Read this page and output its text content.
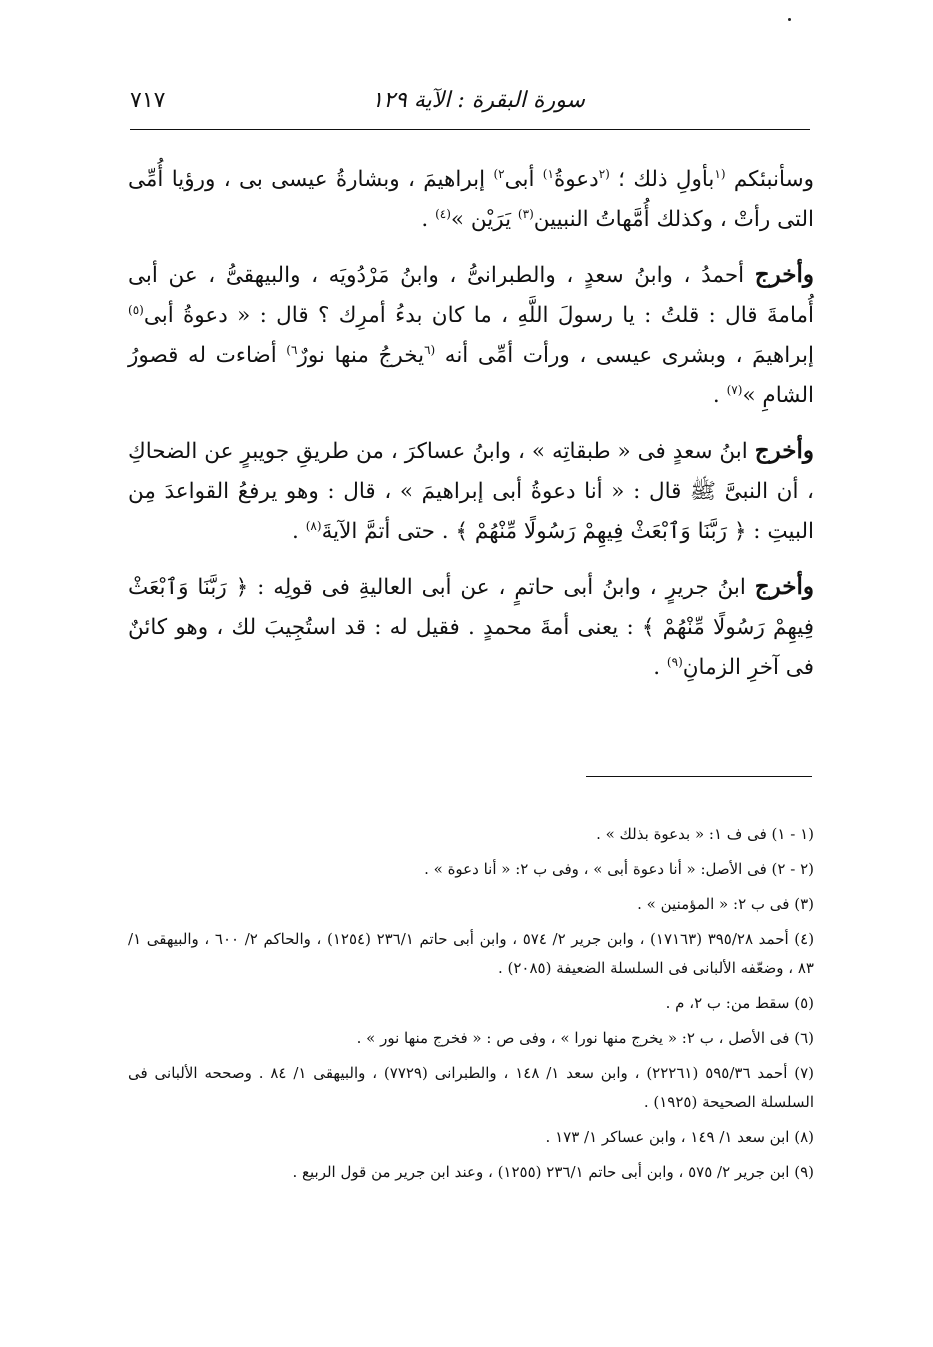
سورة البقرة : الآية ١٢٩
٧١٧

وسأنبئكم $^{(١}$بأولِ ذلك ؛ $^{(٢}$دعوةُ$^{١)}$ أبى$^{٢)}$ إبراهيمَ ، وبشارةُ عيسى بى ، ورؤيا أُمِّى التى رأتْ ، وكذلك أُمَّهاتُ النبيين$^{(٣)}$ يَرَيْن »$^{(٤)}$ .

وأخرج أحمدُ ، وابنُ سعدٍ ، والطبرانىُّ ، وابنُ مَرْدُويَه ، والبيهقىُّ ، عن أبى أُمامةَ قال : قلتُ : يا رسولَ اللَّهِ ، ما كان بدءُ أمرِك ؟ قال : « دعوةُ أبى$^{(٥)}$ إبراهيمَ ، وبشرى عيسى ، ورأت أمِّى أنه $^{(٦}$يخرجُ منها نورٌ$^{٦)}$ أضاءت له قصورُ الشامِ »$^{(٧)}$ .

وأخرج ابنُ سعدٍ فى « طبقاتِه » ، وابنُ عساكرَ ، من طريقِ جويبرٍ عن الضحاكِ ، أن النبىَّ ﷺ قال : « أنا دعوةُ أبى إبراهيمَ » ، قال : وهو يرفعُ القواعدَ مِن البيتِ : ﴿ رَبَّنَا وَٱبْعَثْ فِيهِمْ رَسُولًا مِّنْهُمْ ﴾ . حتى أتمَّ الآيةَ$^{(٨)}$ .

وأخرج ابنُ جريرٍ ، وابنُ أبى حاتمٍ ، عن أبى العاليةِ فى قولِه : ﴿ رَبَّنَا وَٱبْعَثْ فِيهِمْ رَسُولًا مِّنْهُمْ ﴾ : يعنى أمةَ محمدٍ . فقيل له : قد استُجِيبَ لك ، وهو كائنٌ فى آخرِ الزمانِ$^{(٩)}$ .

(١ - ١) فى ف ١: « بدعوة بذلك » .

(٢ - ٢) فى الأصل: « أنا دعوة أبى » ، وفى ب ٢: « أنا دعوة » .

(٣) فى ب ٢: « المؤمنين » .

(٤) أحمد ٣٩٥/٢٨ (١٧١٦٣) ، وابن جرير ٢/ ٥٧٤ ، وابن أبى حاتم ٢٣٦/١ (١٢٥٤) ، والحاكم ٢/ ٦٠٠ ، والبيهقى ١/ ٨٣ ، وضعّفه الألبانى فى السلسلة الضعيفة (٢٠٨٥) .

(٥) سقط من: ب ٢، م .

(٦) فى الأصل ، ب ٢: « يخرج منها نورا » ، وفى ص : « فخرج منها نور » .

(٧) أحمد ٥٩٥/٣٦ (٢٢٢٦١) ، وابن سعد ١/ ١٤٨ ، والطبرانى (٧٧٢٩) ، والبيهقى ١/ ٨٤ . وصححه الألبانى فى السلسلة الصحيحة (١٩٢٥) .

(٨) ابن سعد ١/ ١٤٩ ، وابن عساكر ١/ ١٧٣ .

(٩) ابن جرير ٢/ ٥٧٥ ، وابن أبى حاتم ٢٣٦/١ (١٢٥٥) ، وعند ابن جرير من قول الربيع .
